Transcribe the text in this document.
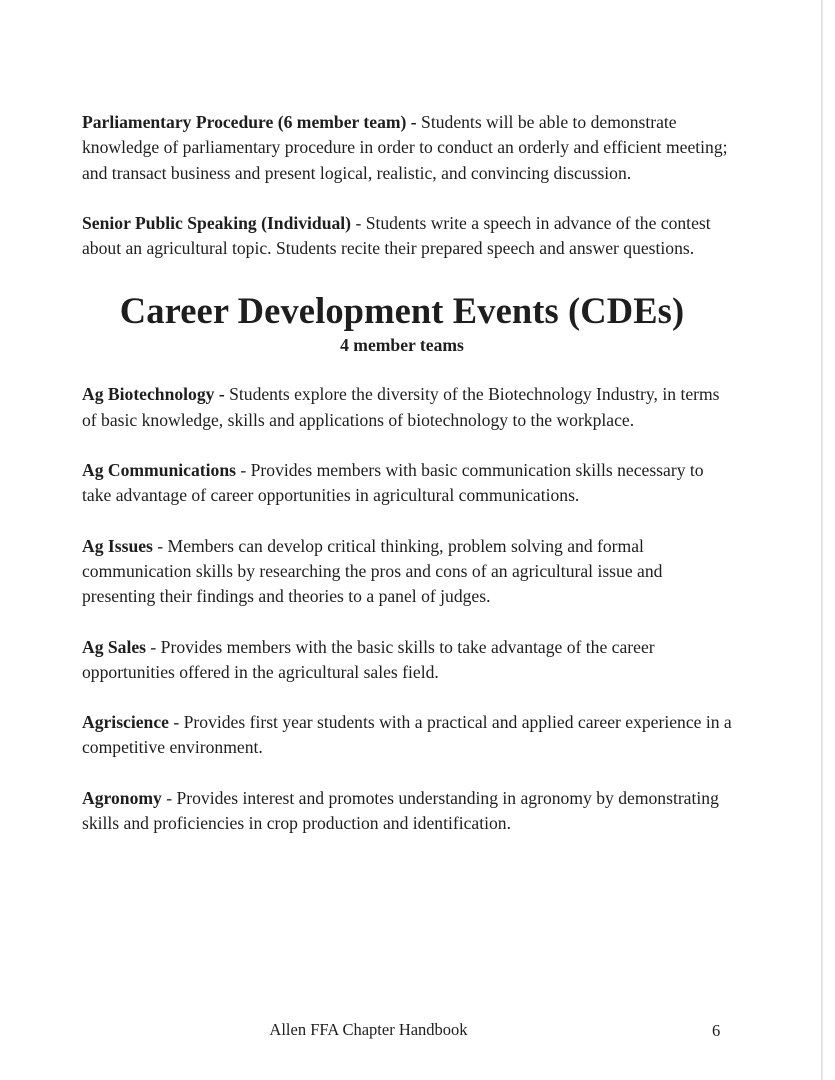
Parliamentary Procedure (6 member team) - Students will be able to demonstrate knowledge of parliamentary procedure in order to conduct an orderly and efficient meeting; and transact business and present logical, realistic, and convincing discussion.

Senior Public Speaking (Individual) - Students write a speech in advance of the contest about an agricultural topic. Students recite their prepared speech and answer questions.

Career Development Events (CDEs)
4 member teams

Ag Biotechnology - Students explore the diversity of the Biotechnology Industry, in terms of basic knowledge, skills and applications of biotechnology to the workplace.

Ag Communications - Provides members with basic communication skills necessary to take advantage of career opportunities in agricultural communications.

Ag Issues - Members can develop critical thinking, problem solving and formal communication skills by researching the pros and cons of an agricultural issue and presenting their findings and theories to a panel of judges.

Ag Sales - Provides members with the basic skills to take advantage of the career opportunities offered in the agricultural sales field.

Agriscience - Provides first year students with a practical and applied career experience in a competitive environment.

Agronomy - Provides interest and promotes understanding in agronomy by demonstrating skills and proficiencies in crop production and identification.

Allen FFA Chapter Handbook	6
